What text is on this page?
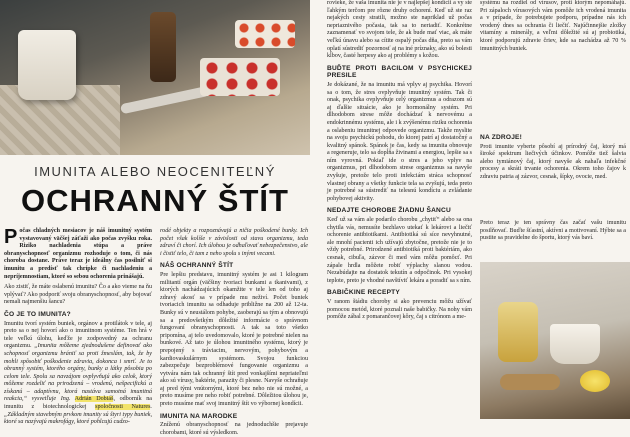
IMUNITA ALEBO NEOCENITEĽNÝ
OCHRANNÝ ŠTÍT

Počas chladných mesiacov je náš imunitný systém vystavovaný väčšej záťaži ako počas zvyšku roka. Riziko nachladenia stúpa a práve obranyschopnosť organizmu rozhoduje o tom, či nás choroba dostane. Práve teraz je ideálny čas posilniť si imunitu a predísť tak chrípke či nachladeniu a nepríjemnostiam, ktoré so sebou ochorenia prinášajú.

Ako zistiť, že máte oslabenú imunitu? Čo a ako vieme na ňu vplývať? Ako podporiť svoju obranyschopnosť, aby bojovať nemali najmenšiu šancu?

ČO JE TO IMUNITA?

Imunitu tvorí systém buniek, orgánov a protilátok v tele, aj preto sa o nej hovorí ako o imunitnom systéme. Ten hrá v tele veľkú úlohu, keďže je zodpovedný za ochranu organizmu. „Imunita môžeme zjednodušene definovať ako schopnosť organizmu brániť sa proti žmeslám, tak, že by mohli spôsobiť poškodenie zdravia, dokonca i smrť. Je to obranný systém, ktorého orgány, bunky a látky pôsobia po celom tele. Spolu sa navzájom ovplyvňujú ako celok, ktorý môžeme rozdeliť na prirodzenú – vrodenú, nešpecifickú a získanú – adaptívnu, ktorá nastáva samotná imunitná reakcia,“ vysvetľuje Ing. Adrián Dobiáš, odborník na imunitu z biotechnologickej spoločnosti Natures. „Základným stavebným prvkom imunity sú štyri typy buniek, ktoré sa nazývajú makrofágy, ktoré pohlcujú cudzo-

rodé objekty a rozpoznávajú a ničia poškodené bunky. Ich počet však kolíše v závislosti od stavu organizmu, teda zdraví či chorí. Ich úlohou je odhaľovať nebezpečenstvo, ale i čistiť telo, či tam z neho spolu s inými vecami.

NÁŠ OCHRANNÝ ŠTÍT

Pre lepšiu predstavu, imunitný systém je asi 1 kilogram militantí orgán (väčšiny tvoriaci bunkami a tkanivami), z ktorých nachádzajúcich okamžite v tele len od toho aj zdravý akosť sa v prípade mu neživí. Počet buniek tvoriacich imunitu sa odhaduje približne na 200 až 12-ta. Bunky sú v neustálom pohybe, zaoberajú sa tým a obnovujú sa a predovšetkým dôležité informácie o správnom fungovaní obranyschopnosti. A tak sa toto všetko pripomína, aj telo uvedomovalo, ktoré je potrebné nielen na bunkové. Až tato je úlohou imunitného systému, ktorý je prepojený s tráviacim, nervovým, pohybovým a kardiovaskulárnym systémom. Svojou funkciou zabezpečuje bezproblémové fungovanie organizmu a vytvára nám tak ochranný štít pred vonkajšími nepriateľmi ako sú vírusy, baktérie, parazity či plesne. Navyše ochraňuje aj pred tými vnútornými, ktoré bez neho nie sú možné, a preto musíme pre neho robiť potrebné. Dôležitou úlohou je, preto musíme mať svoj imunitný štít vo výbornej kondícii.

IMUNITA NA MARODKE

Zníženú obranyschopnosť na jednoduchšie prejavuje chorobami, ktoré sú výsledkom.

rovieke, že vaša imunita nie je v najlepšej kondícii a vy ste ľahkým terčom pre rôzne druhy ochorení. Keď už ste raz nejakých cesty stratili, možno ste napriklad už počas nepriaznivého počasia, tak sa to neriadiť. Konkrétne zaznamenať vo svojom tele, že ak bude mať viac, ak máte veľkú únavu alebo sa cítite ospalý počas dňa, preto sa vám oplatí sústrediť pozornosť aj na iné príznaky, ako sú bolesti kĺbov, časté herpesy ako aj problémy s kožou.

BUĎTE PROTI BACILOM V PSYCHICKEJ PRESILE

Je dokázané, že na imunitu má vplyv aj psychika. Hovorí sa o tom, že stres ovplyvňuje imunitný systém. Tak či onak, psychika ovplyvňuje celý organizmus a odrazom sú aj ďalšie situácie, ako je hormonálny systém. Pri dlhodobom strese môže dochádzať k nervovému a endokrinnému systému, ale i k zvýšenému riziku ochorenia a oslabeniu imunitnej odpovede organizmu. Takže myslite na svoju psychickú pohodu, do ktorej patrí aj dostatočný a kvalitný spánok. Spánok je čas, kedy sa imunita obnovuje a regeneruje, telo sa dopĺňa živinami a energiou, lepšie sa s ním vyrovná. Pokiaľ ide o stres a jeho vplyv na organizmus, pri dlhodobom strese organizmus sa navyše zvyšuje, pretože telo proti infekciám stráca schopnosť vlastnej obrany a všetky funkcie tela sa zvyšujú, teda preto je potrebné sa sústrediť na telesnú kondíciu a zvládanie pohybovej aktivity.

NEDAJTE CHOROBE ŽIADNU ŠANCU

Keď už sa vám ale podarilo chorobu „chytiť“ alebo sa ona chytila vás, nemusíte bezhlavo utekať k lekárovi a liečiť ochorenie antibiotikami. Antibiotiká sú síce nevyhnutné, ale mnohí pacienti ich užívajú zbytočne, pretože nie je to vždy potrebné. Prirodzené antibiotiká proti baktériám, ako cesnak, cibuľa, zázvor či med vám môžu pomôcť. Pri zápale hrdla môžete robiť výplachy slanou vodou. Nezabúdajte na dostatok tekutín a odpočinok. Pri vysokej teplote, preto je vhodné navštíviť lekára a poradiť sa s ním.

BABIČKINE RECEPTY

V ranom štádiu choroby si ako prevenciu môžu užívať pomocou metód, ktoré poznali naše babičky. Na nohy vám pomôže zábal z pomarančovej kôry, čaj s citrónom a me-

systému na rozdiel od vírusov, proti ktorým nepomáhajú. Pri zápaloch vírusových vám pomôže ich vrodená imunita a v prípade, že potrebujete podporu, prípadne nás ich vrodený dnes sa ochrania či liečiť. Najúčinnejšie zložky vitamíny a minerály, a veľmi dôležité sú aj probiotiká, ktoré podporujú zdravie čriev, kde sa nachádza až 70 % imunitných buniek.

NA ZDROJE!

Proti imunite vyberte pôsobí aj prírodný čaj, ktorý má široké spektrum liečivých účinkov. Pomôže tiež šalvia alebo tymiánový čaj, ktorý navyše ak nahaľa infekčné procesy a skráti trvanie ochorenia. Okrem toho čajov k zdraviu patria aj zázvor, cesnak, šípky, ovocie, med.

Preto teraz je ten správny čas začať vašu imunitu posilňovať. Buďte šťastní, aktívni a motivovaní. Hýbte sa a pustite sa pravidelne do športu, ktorý vás baví.
